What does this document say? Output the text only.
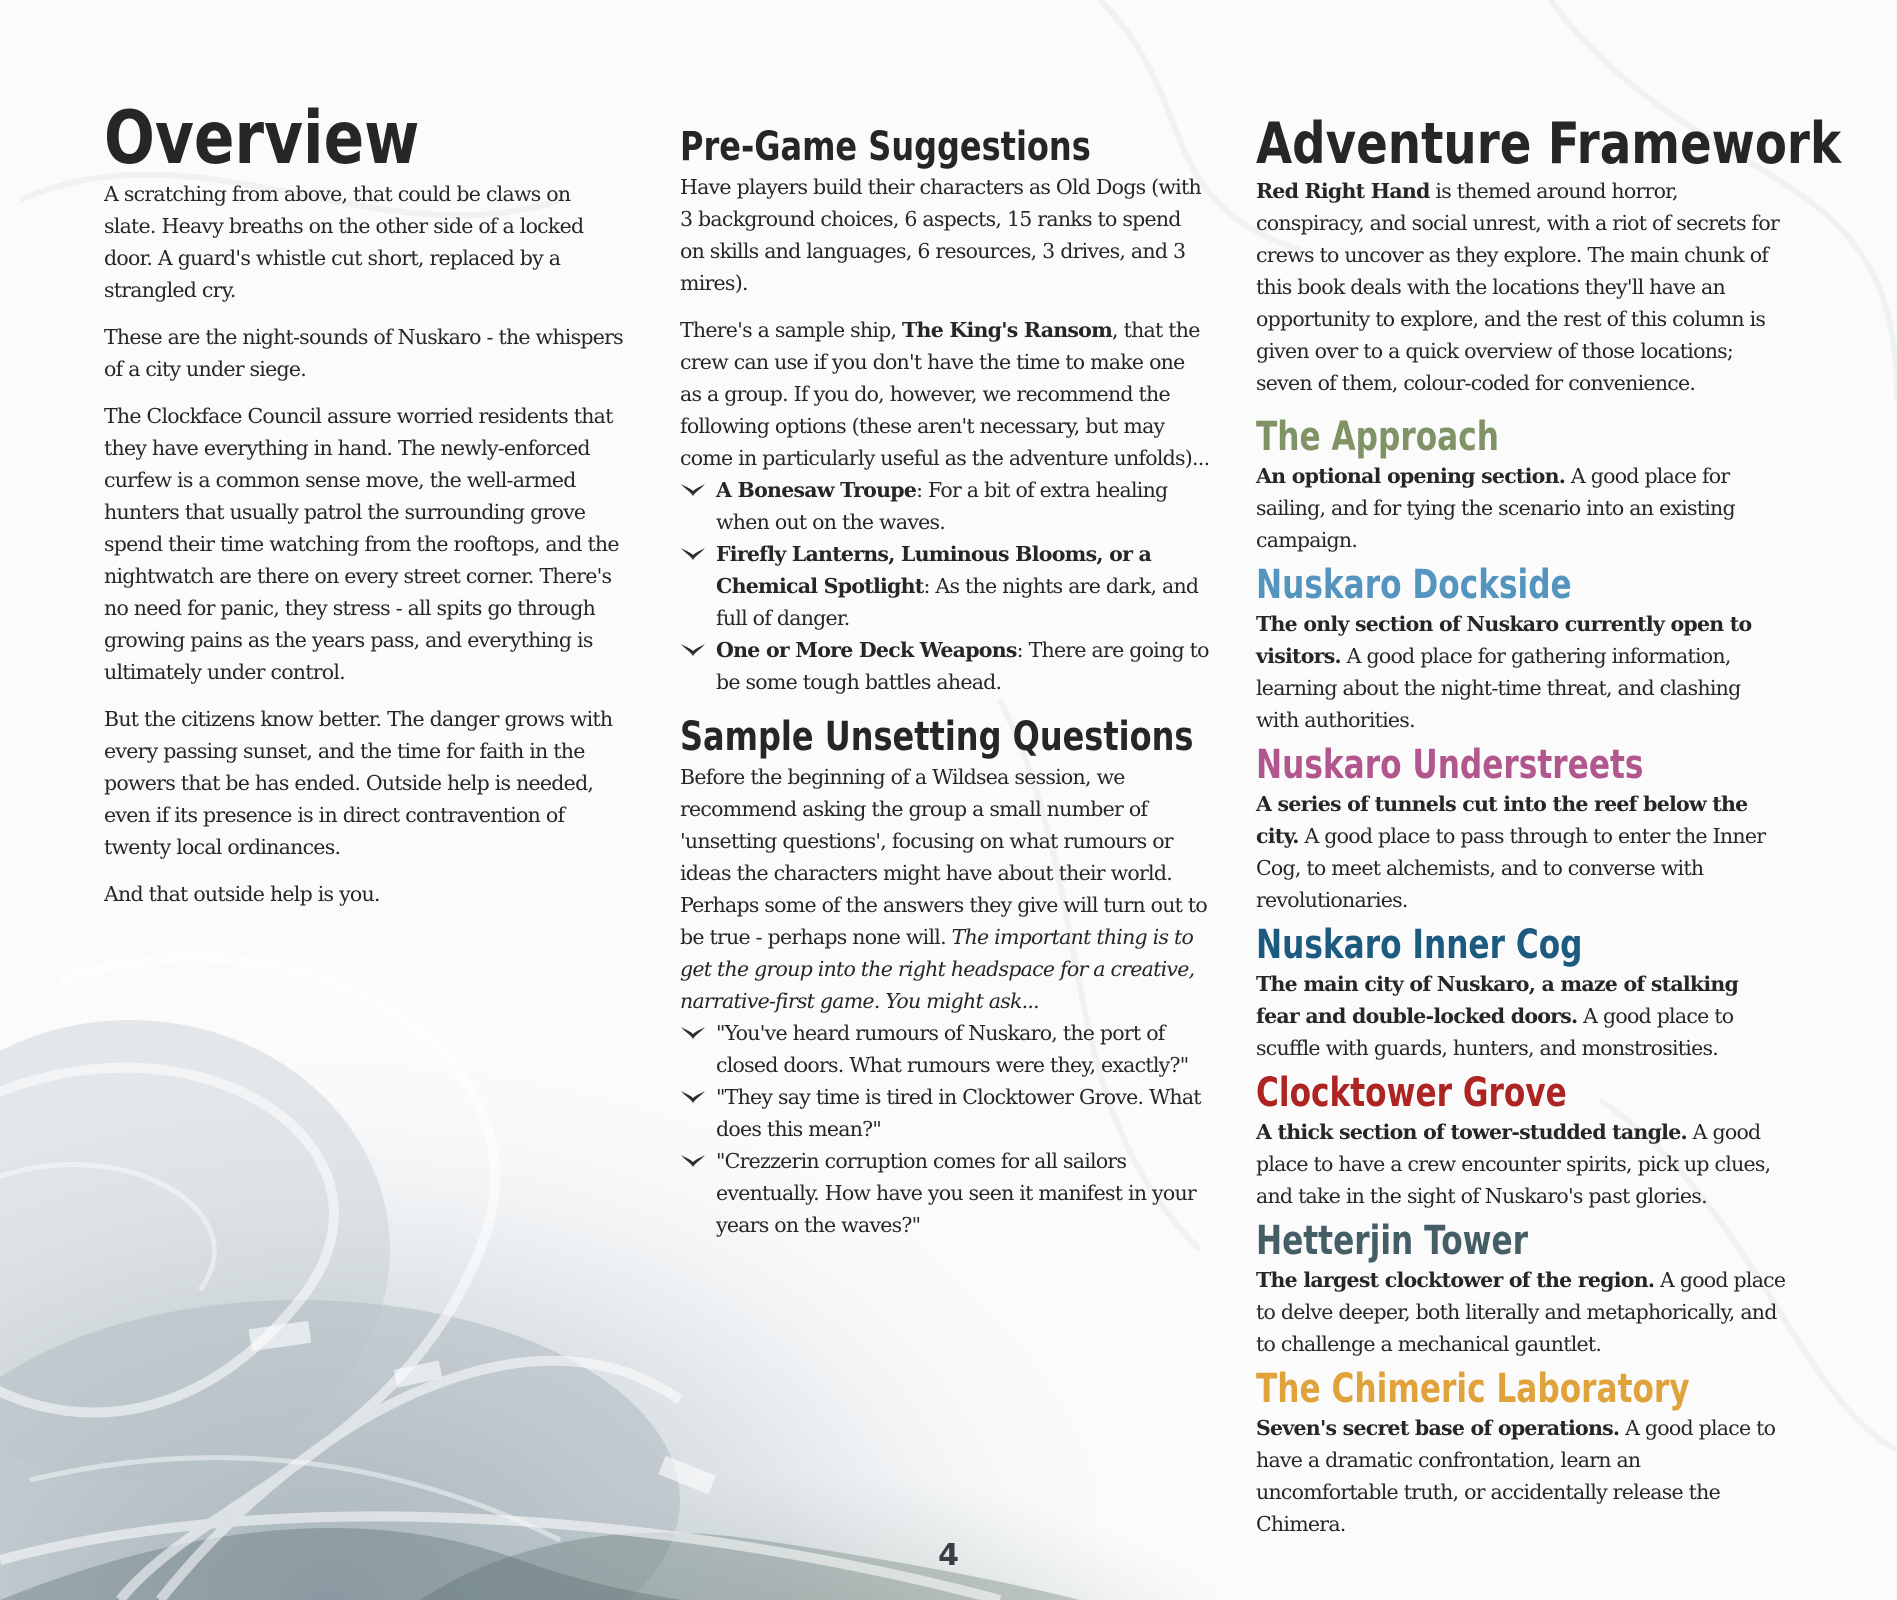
Overview

A scratching from above, that could be claws on slate. Heavy breaths on the other side of a locked door. A guard's whistle cut short, replaced by a strangled cry.

These are the night-sounds of Nuskaro - the whispers of a city under siege.

The Clockface Council assure worried residents that they have everything in hand. The newly-enforced curfew is a common sense move, the well-armed hunters that usually patrol the surrounding grove spend their time watching from the rooftops, and the nightwatch are there on every street corner. There's no need for panic, they stress - all spits go through growing pains as the years pass, and everything is ultimately under control.

But the citizens know better. The danger grows with every passing sunset, and the time for faith in the powers that be has ended. Outside help is needed, even if its presence is in direct contravention of twenty local ordinances.

And that outside help is you.

Pre-Game Suggestions

Have players build their characters as Old Dogs (with 3 background choices, 6 aspects, 15 ranks to spend on skills and languages, 6 resources, 3 drives, and 3 mires).

There's a sample ship, The King's Ransom, that the crew can use if you don't have the time to make one as a group. If you do, however, we recommend the following options (these aren't necessary, but may come in particularly useful as the adventure unfolds)...

A Bonesaw Troupe: For a bit of extra healing when out on the waves.
Firefly Lanterns, Luminous Blooms, or a Chemical Spotlight: As the nights are dark, and full of danger.
One or More Deck Weapons: There are going to be some tough battles ahead.
Sample Unsetting Questions

Before the beginning of a Wildsea session, we recommend asking the group a small number of 'unsetting questions', focusing on what rumours or ideas the characters might have about their world. Perhaps some of the answers they give will turn out to be true - perhaps none will. The important thing is to get the group into the right headspace for a creative, narrative-first game. You might ask...

"You've heard rumours of Nuskaro, the port of closed doors. What rumours were they, exactly?"
"They say time is tired in Clocktower Grove. What does this mean?"
"Crezzerin corruption comes for all sailors eventually. How have you seen it manifest in your years on the waves?"
Adventure Framework

Red Right Hand is themed around horror, conspiracy, and social unrest, with a riot of secrets for crews to uncover as they explore. The main chunk of this book deals with the locations they'll have an opportunity to explore, and the rest of this column is given over to a quick overview of those locations; seven of them, colour-coded for convenience.

The Approach

An optional opening section. A good place for sailing, and for tying the scenario into an existing campaign.

Nuskaro Dockside

The only section of Nuskaro currently open to visitors. A good place for gathering information, learning about the night-time threat, and clashing with authorities.

Nuskaro Understreets

A series of tunnels cut into the reef below the city. A good place to pass through to enter the Inner Cog, to meet alchemists, and to converse with revolutionaries.

Nuskaro Inner Cog

The main city of Nuskaro, a maze of stalking fear and double-locked doors. A good place to scuffle with guards, hunters, and monstrosities.

Clocktower Grove

A thick section of tower-studded tangle. A good place to have a crew encounter spirits, pick up clues, and take in the sight of Nuskaro's past glories.

Hetterjin Tower

The largest clocktower of the region. A good place to delve deeper, both literally and metaphorically, and to challenge a mechanical gauntlet.

The Chimeric Laboratory

Seven's secret base of operations. A good place to have a dramatic confrontation, learn an uncomfortable truth, or accidentally release the Chimera.

4
